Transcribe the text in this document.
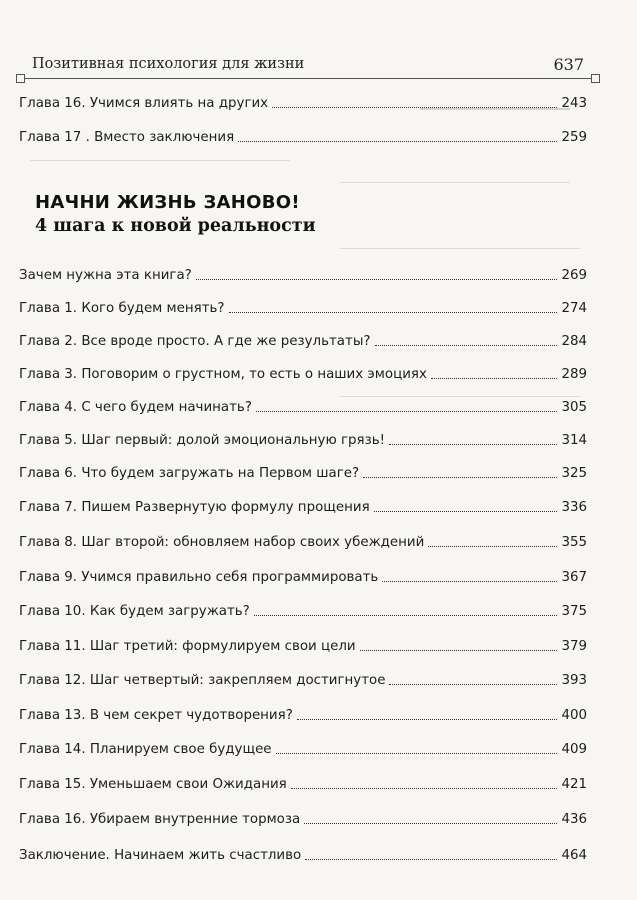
Позитивная психология для жизни	637
Глава 16. Учимся влиять на других	243
Глава 17 . Вместо заключения	259
НАЧНИ ЖИЗНЬ ЗАНОВО!
4 шага к новой реальности
Зачем нужна эта книга?	269
Глава 1. Кого будем менять?	274
Глава 2. Все вроде просто. А где же результаты?	284
Глава 3. Поговорим о грустном, то есть о наших эмоциях	289
Глава 4. С чего будем начинать?	305
Глава 5. Шаг первый: долой эмоциональную грязь!	314
Глава 6. Что будем загружать на Первом шаге?	325
Глава 7. Пишем Развернутую формулу прощения	336
Глава 8. Шаг второй: обновляем набор своих убеждений	355
Глава 9. Учимся правильно себя программировать	367
Глава 10. Как будем загружать?	375
Глава 11. Шаг третий: формулируем свои цели	379
Глава 12. Шаг четвертый: закрепляем достигнутое	393
Глава 13. В чем секрет чудотворения?	400
Глава 14. Планируем свое будущее	409
Глава 15. Уменьшаем свои Ожидания	421
Глава 16. Убираем внутренние тормоза	436
Заключение. Начинаем жить счастливо	464
